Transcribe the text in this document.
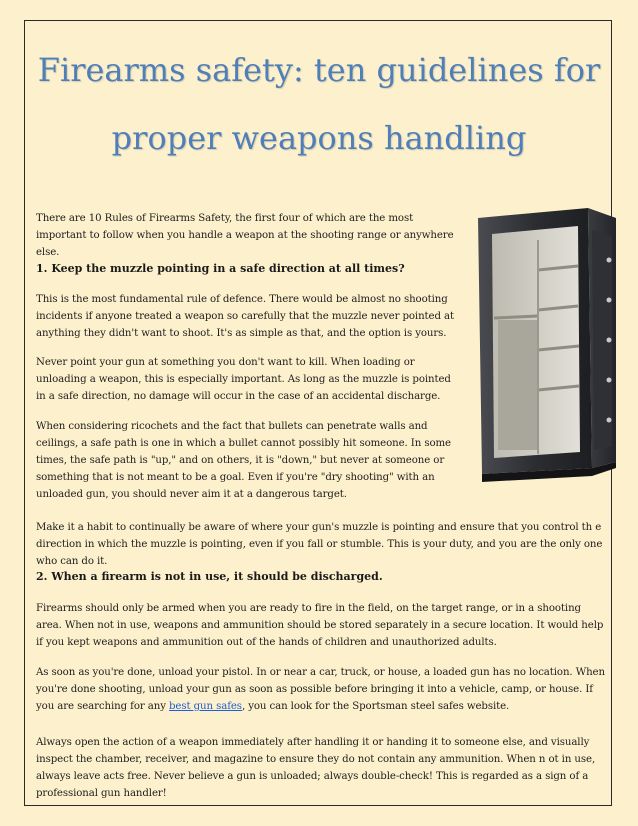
Firearms safety: ten guidelines for
proper weapons handling

There are 10 Rules of Firearms Safety, the first four of which are the most important to follow when you handle a weapon at the shooting range or anywhere else.

1. Keep the muzzle pointing in a safe direction at all times?

This is the most fundamental rule of defence. There would be almost no shooting incidents if anyone treated a weapon so carefully that the muzzle never pointed at anything they didn't want to shoot. It's as simple as that, and the option is yours.

Never point your gun at something you don't want to kill. When loading or unloading a weapon, this is especially important. As long as the muzzle is pointed in a safe direction, no damage will occur in the case of an accidental discharge.

When considering ricochets and the fact that bullets can penetrate walls and ceilings, a safe path is one in which a bullet cannot possibly hit someone. In some times, the safe path is "up," and on others, it is "down," but never at someone or something that is not meant to be a goal. Even if you're "dry shooting" with an unloaded gun, you should never aim it at a dangerous target.

Make it a habit to continually be aware of where your gun's muzzle is pointing and ensure that you control th e direction in which the muzzle is pointing, even if you fall or stumble. This is your duty, and you are the only one who can do it.

2. When a firearm is not in use, it should be discharged.

Firearms should only be armed when you are ready to fire in the field, on the target range, or in a shooting area. When not in use, weapons and ammunition should be stored separately in a secure location. It would help if you kept weapons and ammunition out of the hands of children and unauthorized adults.

As soon as you're done, unload your pistol. In or near a car, truck, or house, a loaded gun has no location. When you're done shooting, unload your gun as soon as possible before bringing it into a vehicle, camp, or house. If you are searching for any best gun safes, you can look for the Sportsman steel safes website.

Always open the action of a weapon immediately after handling it or handing it to someone else, and visually inspect the chamber, receiver, and magazine to ensure they do not contain any ammunition. When n ot in use, always leave acts free. Never believe a gun is unloaded; always double-check! This is regarded as a sign of a professional gun handler!
